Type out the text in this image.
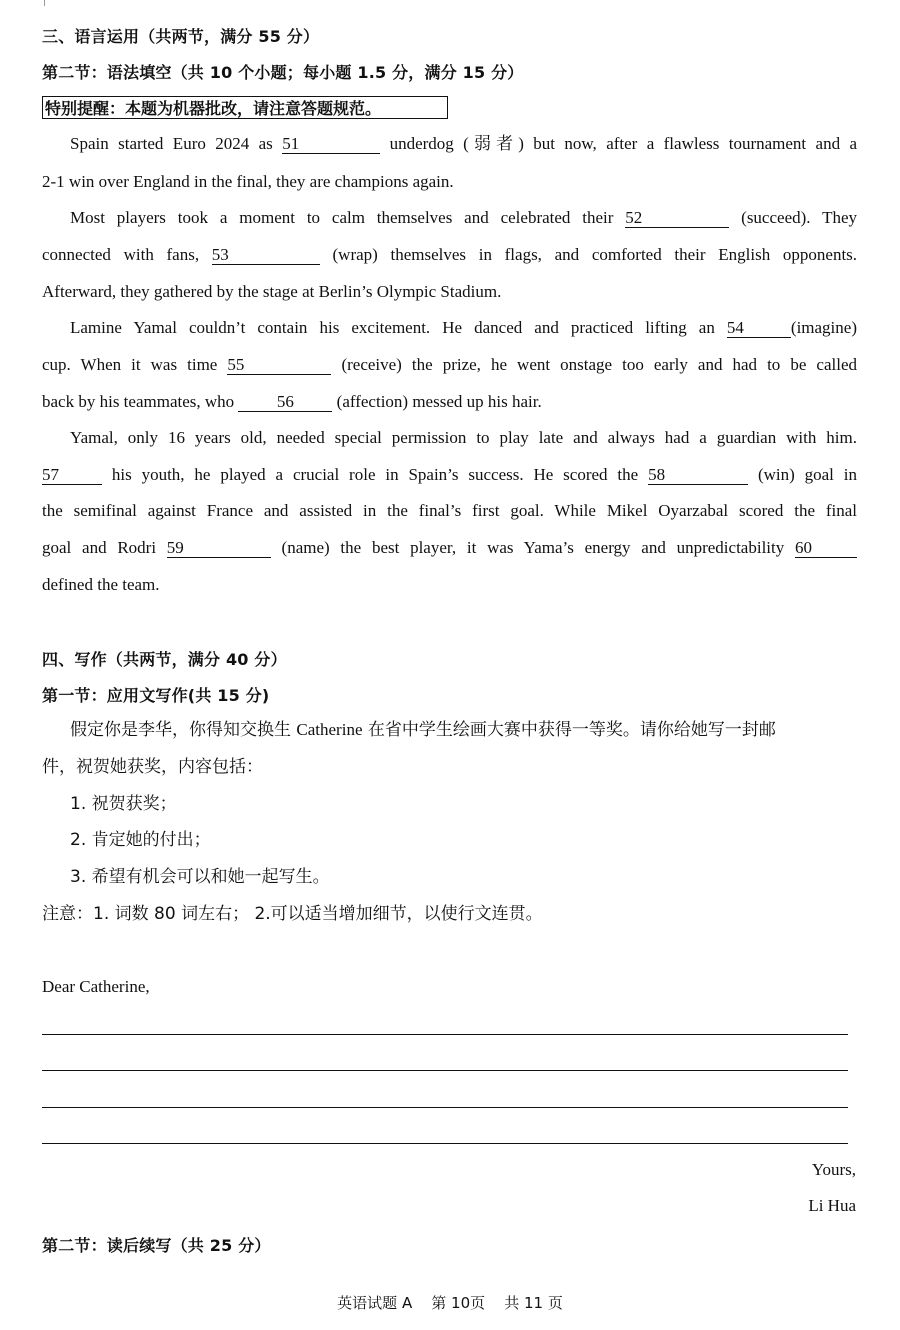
三、语言运用（共两节，满分 55 分）
第二节：语法填空（共 10 个小题；每小题 1.5 分，满分 15 分）
特别提醒：本题为机器批改，请注意答题规范。
Spain started Euro 2024 as 51	underdog (弱者) but now, after a flawless tournament and a
2-1 win over England in the final, they are champions again.
Most players took a moment to calm themselves and celebrated their 52	(succeed). They
connected with fans, 53	(wrap) themselves in flags, and comforted their English opponents.
Afterward, they gathered by the stage at Berlin’s Olympic Stadium.
Lamine Yamal couldn’t contain his excitement. He danced and practiced lifting an 54	(imagine)
cup. When it was time 55	(receive) the prize, he went onstage too early and had to be called
back by his teammates, who	56	(affection) messed up his hair.
Yamal, only 16 years old, needed special permission to play late and always had a guardian with him.
57	his youth, he played a crucial role in Spain’s success. He scored the 58	(win) goal in
the semifinal against France and assisted in the final’s first goal. While Mikel Oyarzabal scored the final
goal and Rodri 59	(name) the best player, it was Yama’s energy and unpredictability 60
defined the team.
四、写作（共两节，满分 40 分）
第一节：应用文写作(共 15 分)
假定你是李华，你得知交换生 Catherine 在省中学生绘画大赛中获得一等奖。请你给她写一封邮
件，祝贺她获奖，内容包括：
1. 祝贺获奖；
2. 肯定她的付出；
3. 希望有机会可以和她一起写生。
注意：1. 词数 80 词左右； 2.可以适当增加细节，以使行文连贯。
Dear Catherine,
Yours,
Li Hua
第二节：读后续写（共 25 分）
英语试题 A    第 10页    共 11 页
